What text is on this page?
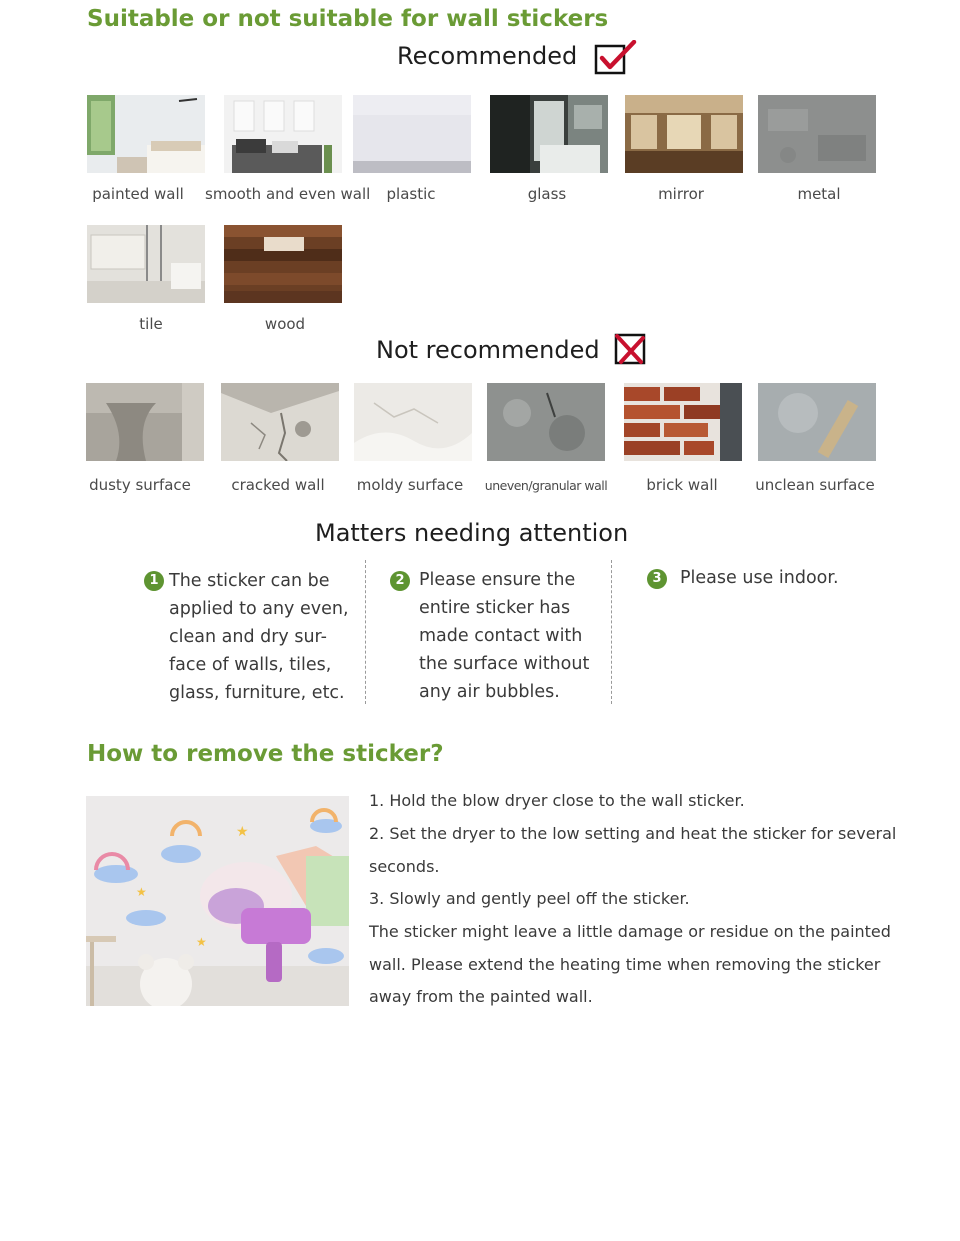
Suitable or not suitable for wall stickers
Recommended
painted wall	smooth and even wall	plastic	glass	mirror	metal
tile	wood
Not recommended
dusty surface	cracked wall	moldy surface	uneven/granular wall	brick wall	unclean surface
Matters needing attention
1 The sticker can be
applied to any even,
clean and dry sur-
face of walls, tiles,
glass, furniture, etc.
2 Please ensure the
entire sticker has
made contact with
the surface without
any air bubbles.
3	Please use indoor.
How to remove the sticker?
★
★
★
1. Hold the blow dryer close to the wall sticker.
2. Set the dryer to the low setting and heat the sticker for several
seconds.
3. Slowly and gently peel off the sticker.
The sticker might leave a little damage or residue on the painted
wall. Please extend the heating time when removing the sticker
away from the painted wall.
